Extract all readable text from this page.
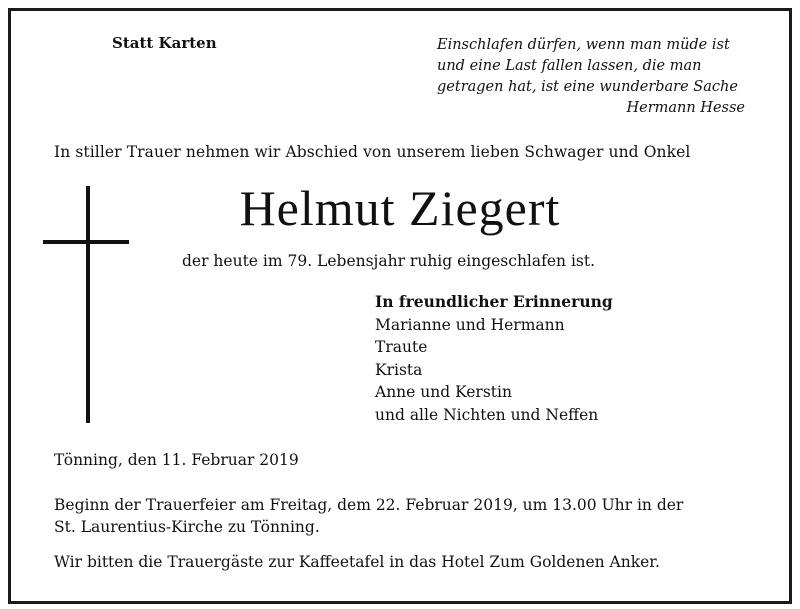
Statt Karten	Einschlafen dürfen, wenn man müde ist
und eine Last fallen lassen, die man
getragen hat, ist eine wunderbare Sache
Hermann Hesse
In stiller Trauer nehmen wir Abschied von unserem lieben Schwager und Onkel
Helmut Ziegert
der heute im 79. Lebensjahr ruhig eingeschlafen ist.
In freundlicher Erinnerung
Marianne und Hermann
Traute
Krista
Anne und Kerstin
und alle Nichten und Neffen
Tönning, den 11. Februar 2019
Beginn der Trauerfeier am Freitag, dem 22. Februar 2019, um 13.00 Uhr in der
St. Laurentius-Kirche zu Tönning.
Wir bitten die Trauergäste zur Kaffeetafel in das Hotel Zum Goldenen Anker.
